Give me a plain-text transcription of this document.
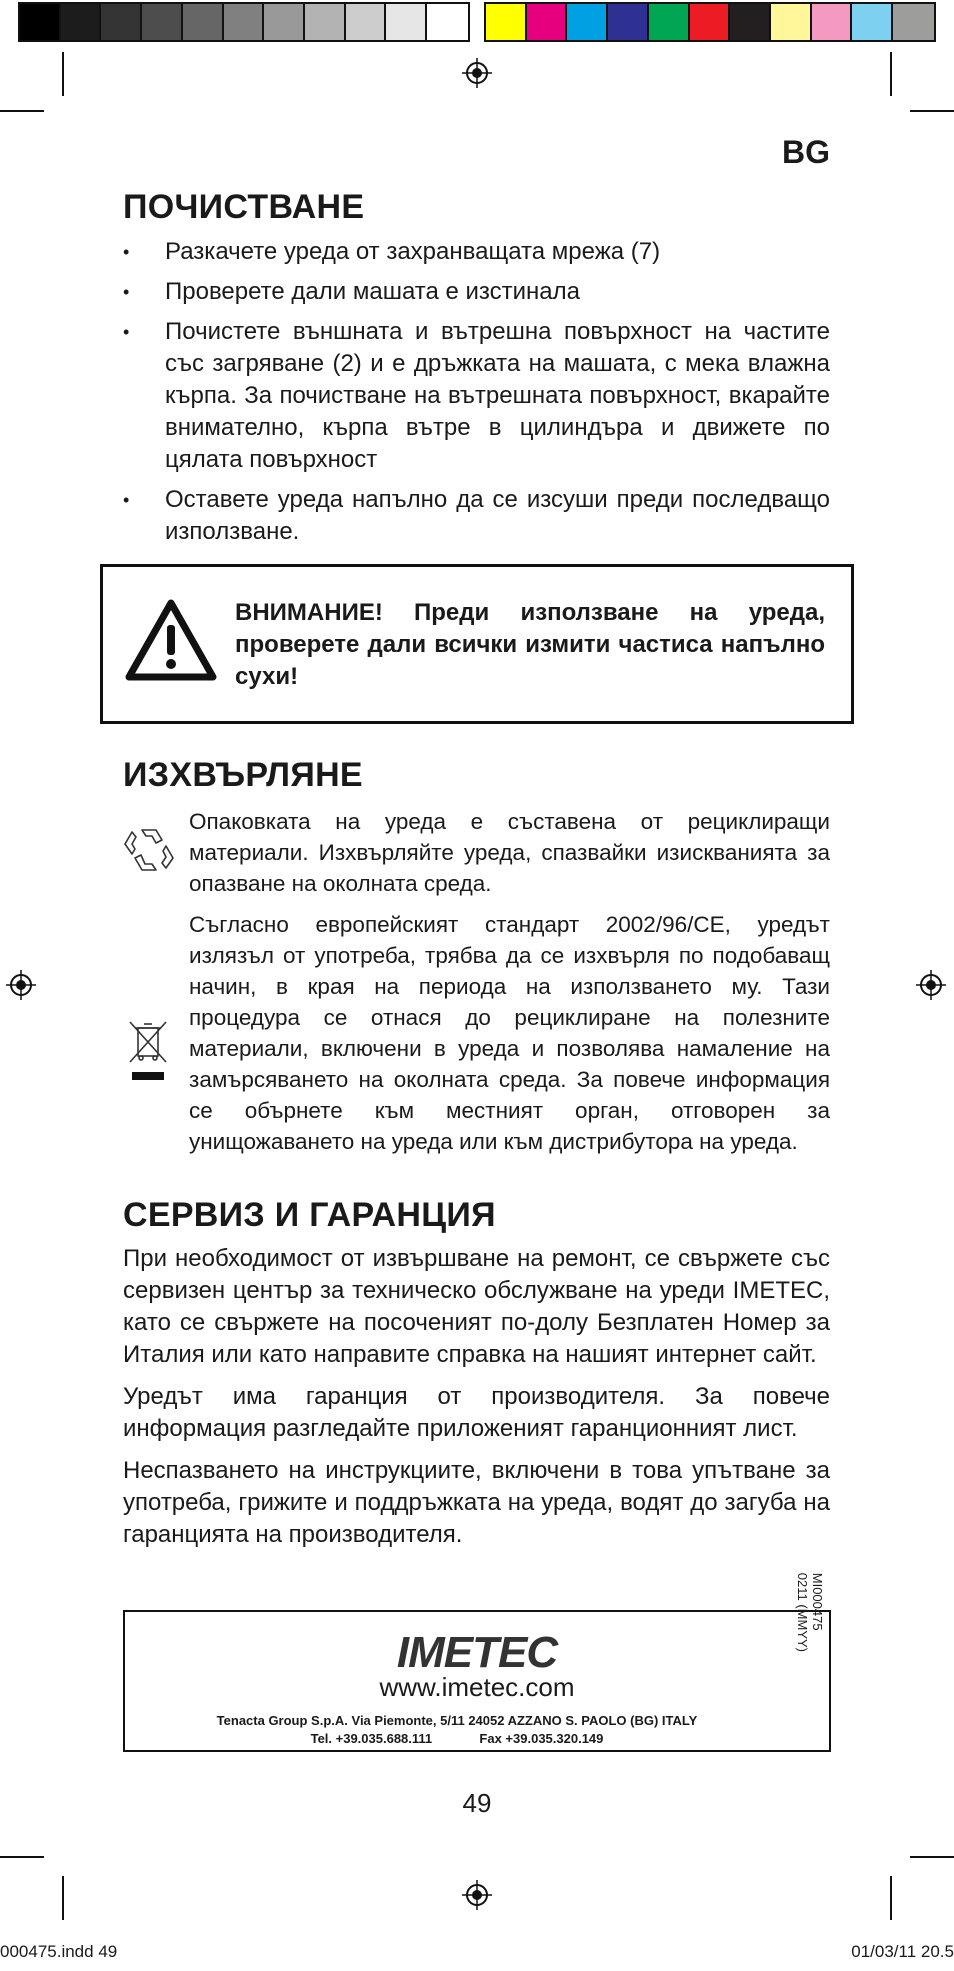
BG
ПОЧИСТВАНЕ
• Разкачете уреда от захранващата мрежа (7)
• Проверете дали машата е изстинала
• Почистете външната и вътрешна повърхност на частите със загряване (2) и е дръжката на машата, с мека влажна кърпа. За почистване на вътрешната повърхност, вкарайте внимателно, кърпа вътре в цилиндъра и движете по цялата повърхност
• Оставете уреда напълно да се изсуши преди последващо използване.
ВНИМАНИЕ! Преди използване на уреда, проверете дали всички измити частиса напълно сухи!
ИЗХВЪРЛЯНЕ
Опаковката на уреда е съставена от рециклиращи материали. Изхвърляйте уреда, спазвайки изискванията за опазване на околната среда.
Съгласно европейският стандарт 2002/96/CE, уредът излязъл от употреба, трябва да се изхвърля по подобаващ начин, в края на периода на използването му. Тази процедура се отнася до рециклиране на полезните материали, включени в уреда и позволява намаление на замърсяването на околната среда. За повече информация се обърнете към местният орган, отговорен за унищожаването на уреда или към дистрибутора на уреда.
СЕРВИЗ И ГАРАНЦИЯ

При необходимост от извършване на ремонт, се свържете със сервизен център за техническо обслужване на уреди IMETEC, като се свържете на посоченият по-долу Безплатен Номер за Италия или като направите справка на нашият интернет сайт.

Уредът има гаранция от производителя. За повече информация разгледайте приложеният гаранционният лист.

Неспазването на инструкциите, включени в това упътване за употреба, грижите и поддръжката на уреда, водят до загуба на гаранцията на производителя.

IMETEC
www.imetec.com
Tenacta Group S.p.A. Via Piemonte, 5/11 24052 AZZANO S. PAOLO (BG) ITALY
Tel. +39.035.688.111	Fax +39.035.320.149
MI000475
0211 (MMYY)
49
000475.indd 49	01/03/11 20.5
